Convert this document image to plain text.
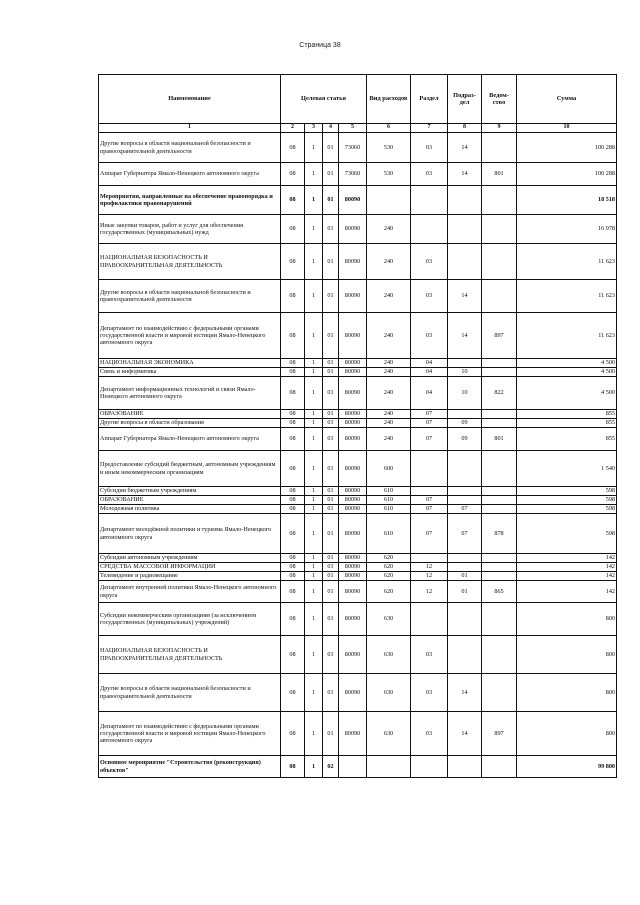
Страница 38
Наименование	Целевая статья				Вид расходов	Раздел	Подраз-дел	Ведом-ство	Сумма
1	2	3	4	5	6	7	8	9	10
Другие вопросы в области национальной безопасности и правоохранительной деятельности	08	1	01	73060	530	03	14		100 288
Аппарат Губернатора Ямало-Ненецкого автономного округа	08	1	01	73060	530	03	14	801	100 288
Мероприятия, направленные на обеспечение правопорядка и профилактики правонарушений	08	1	01	80090					18 518
Иные закупки товаров, работ и услуг для обеспечения государственных (муниципальных) нужд	08	1	01	80090	240				16 978
НАЦИОНАЛЬНАЯ БЕЗОПАСНОСТЬ И ПРАВООХРАНИТЕЛЬНАЯ ДЕЯТЕЛЬНОСТЬ	08	1	01	80090	240	03			11 623
Другие вопросы в области национальной безопасности и правоохранительной деятельности	08	1	01	80090	240	03	14		11 623
Департамент по взаимодействию с федеральными органами государственной власти и мировой юстиции Ямало-Ненецкого автономного округа	08	1	01	80090	240	03	14	897	11 623
НАЦИОНАЛЬНАЯ ЭКОНОМИКА	08	1	01	80090	240	04			4 500
Связь и информатика	08	1	01	80090	240	04	10		4 500
Департамент информационных технологий и связи Ямало-Ненецкого автономного округа	08	1	01	80090	240	04	10	822	4 500
ОБРАЗОВАНИЕ	08	1	01	80090	240	07			855
Другие вопросы в области образования	08	1	01	80090	240	07	09		855
Аппарат Губернатора Ямало-Ненецкого автономного округа	08	1	01	80090	240	07	09	801	855
Предоставление субсидий бюджетным, автономным учреждениям и иным некоммерческим организациям	08	1	01	80090	600				1 540
Субсидии бюджетным учреждениям	08	1	01	80090	610				598
ОБРАЗОВАНИЕ	08	1	01	80090	610	07			598
Молодежная политика	08	1	01	80090	610	07	07		598
Департамент молодёжной политики и туризма Ямало-Ненецкого автономного округа	08	1	01	80090	610	07	07	878	598
Субсидии автономным учреждениям	08	1	01	80090	620				142
СРЕДСТВА МАССОВОЙ ИНФОРМАЦИИ	08	1	01	80090	620	12			142
Телевидение и радиовещание	08	1	01	80090	620	12	01		142
Департамент внутренней политики Ямало-Ненецкого автономного округа	08	1	01	80090	620	12	01	865	142
Субсидии некоммерческим организациям (за исключением государственных (муниципальных) учреждений)	08	1	01	80090	630				800
НАЦИОНАЛЬНАЯ БЕЗОПАСНОСТЬ И ПРАВООХРАНИТЕЛЬНАЯ ДЕЯТЕЛЬНОСТЬ	08	1	01	80090	630	03			800
Другие вопросы в области национальной безопасности и правоохранительной деятельности	08	1	01	80090	630	03	14		800
Департамент по взаимодействию с федеральными органами государственной власти и мировой юстиции Ямало-Ненецкого автономного округа	08	1	01	80090	630	03	14	897	800
Основное мероприятие "Строительство (реконструкция) объектов"	08	1	02						99 800
